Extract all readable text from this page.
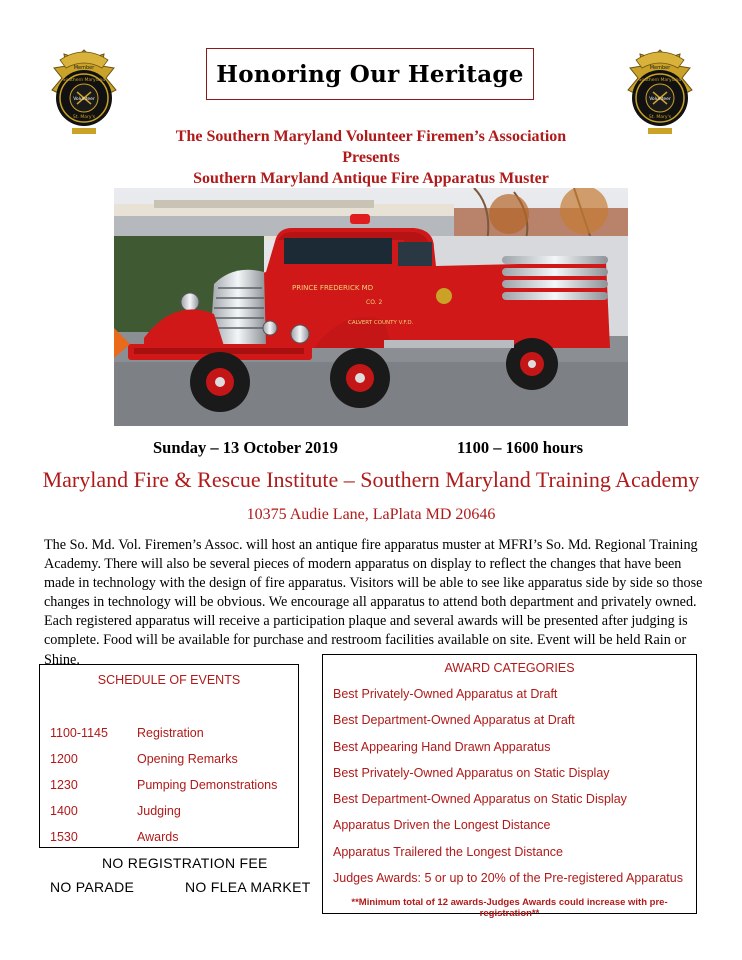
Member
Southern Maryland
St. Mary's
Volunteer
Member
Southern Maryland
St. Mary's
Volunteer
Honoring Our Heritage
The Southern Maryland Volunteer Firemen’s Association
Presents
Southern Maryland Antique Fire Apparatus Muster
PRINCE FREDERICK MD
CALVERT COUNTY V.F.D.
CO. 2
Sunday – 13 October 2019	1100 – 1600 hours
Maryland Fire & Rescue Institute – Southern Maryland Training Academy
10375 Audie Lane, LaPlata MD 20646
The So. Md. Vol. Firemen’s Assoc. will host an antique fire apparatus muster at MFRI’s So. Md. Regional Training Academy. There will also be several pieces of modern apparatus on display to reflect the changes that have been made in technology with the design of fire apparatus. Visitors will be able to see like apparatus side by side so those changes in technology will be obvious. We encourage all apparatus to attend both department and privately owned. Each registered apparatus will receive a participation plaque and several awards will be presented after judging is complete. Food will be available for purchase and restroom facilities available on site. Event will be held Rain or Shine.
SCHEDULE OF EVENTS
1100-1145 Registration
1200	Opening Remarks
1230	Pumping Demonstrations
1400	Judging
1530	Awards
NO REGISTRATION FEE
NO PARADE	NO FLEA MARKET
AWARD CATEGORIES
Best Privately-Owned Apparatus at Draft
Best Department-Owned Apparatus at Draft
Best Appearing Hand Drawn Apparatus
Best Privately-Owned Apparatus on Static Display
Best Department-Owned Apparatus on Static Display
Apparatus Driven the Longest Distance
Apparatus Trailered the Longest Distance
Judges Awards: 5 or up to 20% of the Pre-registered Apparatus
**Minimum total of 12 awards-Judges Awards could increase with pre-registration**
